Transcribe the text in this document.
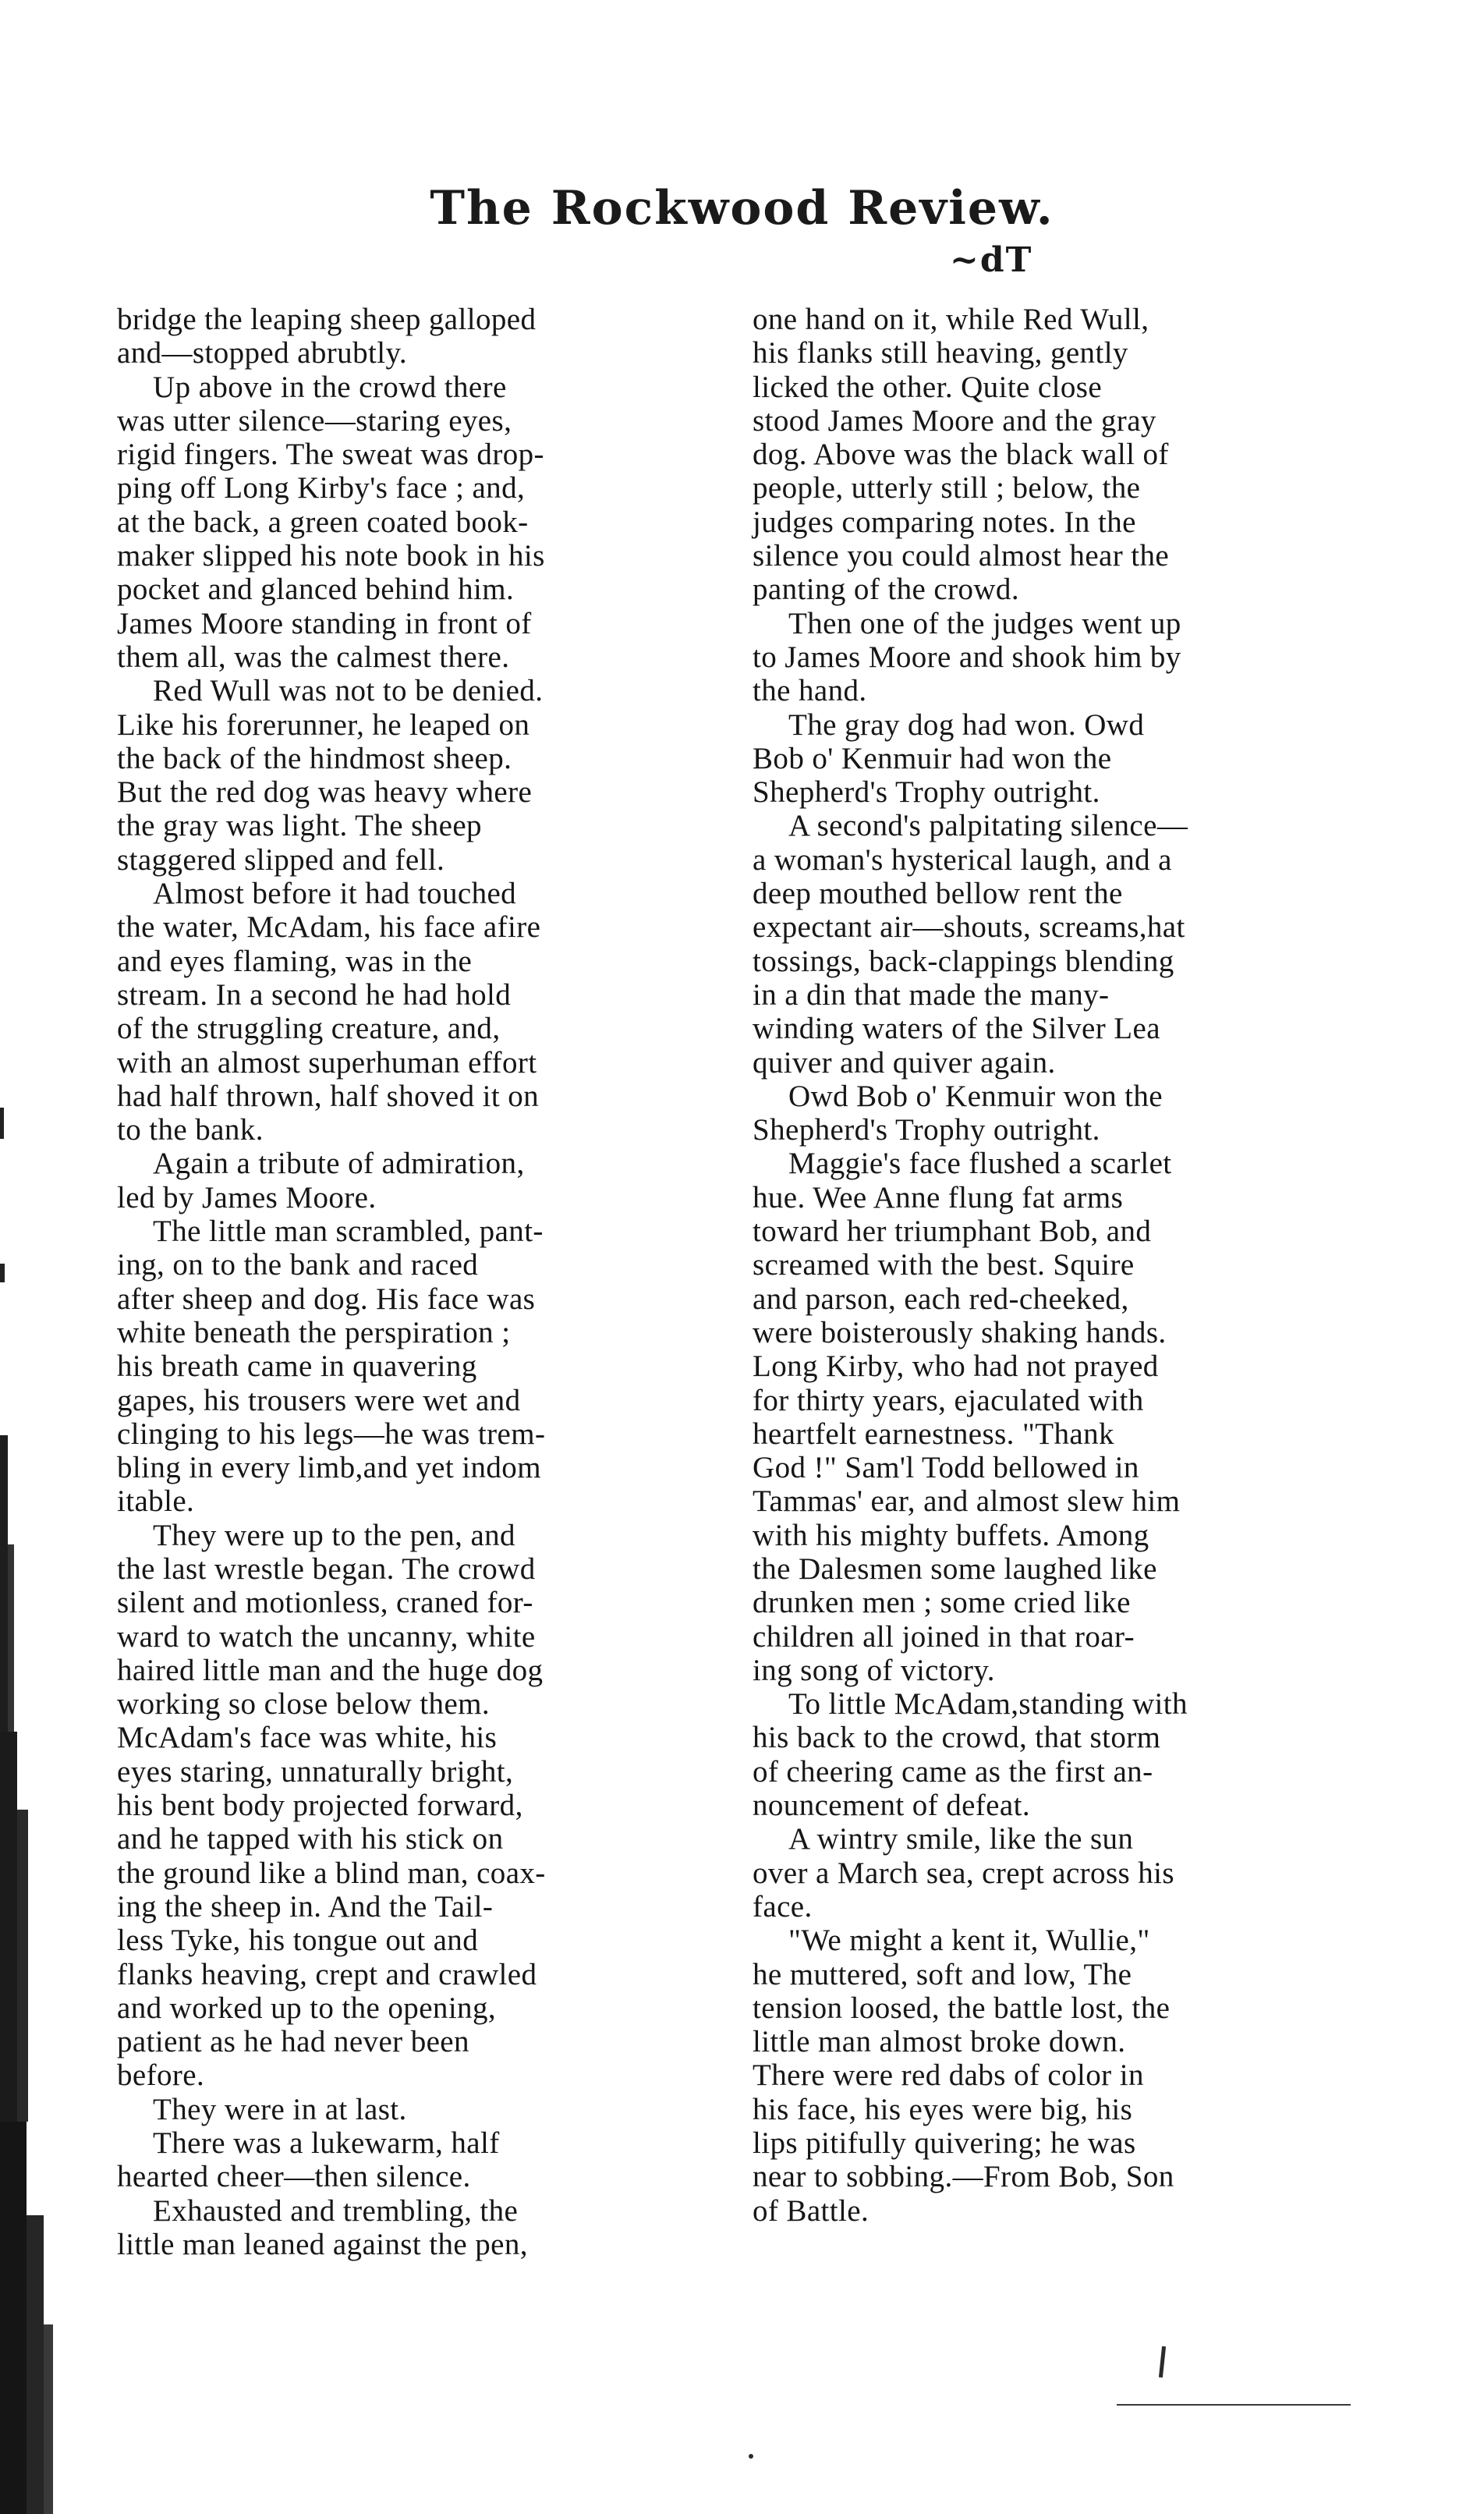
The Rockwood Review.
~dT
bridge the leaping sheep galloped
and—stopped abrubtly.
Up above in the crowd there
was utter silence—staring eyes,
rigid fingers. The sweat was drop-
ping off Long Kirby's face ; and,
at the back, a green coated book-
maker slipped his note book in his
pocket and glanced behind him.
James Moore standing in front of
them all, was the calmest there.
Red Wull was not to be denied.
Like his forerunner, he leaped on
the back of the hindmost sheep.
But the red dog was heavy where
the gray was light. The sheep
staggered slipped and fell.
Almost before it had touched
the water, McAdam, his face afire
and eyes flaming, was in the
stream. In a second he had hold
of the struggling creature, and,
with an almost superhuman effort
had half thrown, half shoved it on
to the bank.
Again a tribute of admiration,
led by James Moore.
The little man scrambled, pant-
ing, on to the bank and raced
after sheep and dog. His face was
white beneath the perspiration ;
his breath came in quavering
gapes, his trousers were wet and
clinging to his legs—he was trem-
bling in every limb,and yet indom
itable.
They were up to the pen, and
the last wrestle began. The crowd
silent and motionless, craned for-
ward to watch the uncanny, white
haired little man and the huge dog
working so close below them.
McAdam's face was white, his
eyes staring, unnaturally bright,
his bent body projected forward,
and he tapped with his stick on
the ground like a blind man, coax-
ing the sheep in. And the Tail-
less Tyke, his tongue out and
flanks heaving, crept and crawled
and worked up to the opening,
patient as he had never been
before.
They were in at last.
There was a lukewarm, half
hearted cheer—then silence.
Exhausted and trembling, the
little man leaned against the pen,
one hand on it, while Red Wull,
his flanks still heaving, gently
licked the other. Quite close
stood James Moore and the gray
dog. Above was the black wall of
people, utterly still ; below, the
judges comparing notes. In the
silence you could almost hear the
panting of the crowd.
Then one of the judges went up
to James Moore and shook him by
the hand.
The gray dog had won. Owd
Bob o' Kenmuir had won the
Shepherd's Trophy outright.
A second's palpitating silence—
a woman's hysterical laugh, and a
deep mouthed bellow rent the
expectant air—shouts, screams,hat
tossings, back-clappings blending
in a din that made the many-
winding waters of the Silver Lea
quiver and quiver again.
Owd Bob o' Kenmuir won the
Shepherd's Trophy outright.
Maggie's face flushed a scarlet
hue. Wee Anne flung fat arms
toward her triumphant Bob, and
screamed with the best. Squire
and parson, each red-cheeked,
were boisterously shaking hands.
Long Kirby, who had not prayed
for thirty years, ejaculated with
heartfelt earnestness. "Thank
God !" Sam'l Todd bellowed in
Tammas' ear, and almost slew him
with his mighty buffets. Among
the Dalesmen some laughed like
drunken men ; some cried like
children all joined in that roar-
ing song of victory.
To little McAdam,standing with
his back to the crowd, that storm
of cheering came as the first an-
nouncement of defeat.
A wintry smile, like the sun
over a March sea, crept across his
face.
"We might a kent it, Wullie,"
he muttered, soft and low, The
tension loosed, the battle lost, the
little man almost broke down.
There were red dabs of color in
his face, his eyes were big, his
lips pitifully quivering; he was
near to sobbing.—From Bob, Son
of Battle.
